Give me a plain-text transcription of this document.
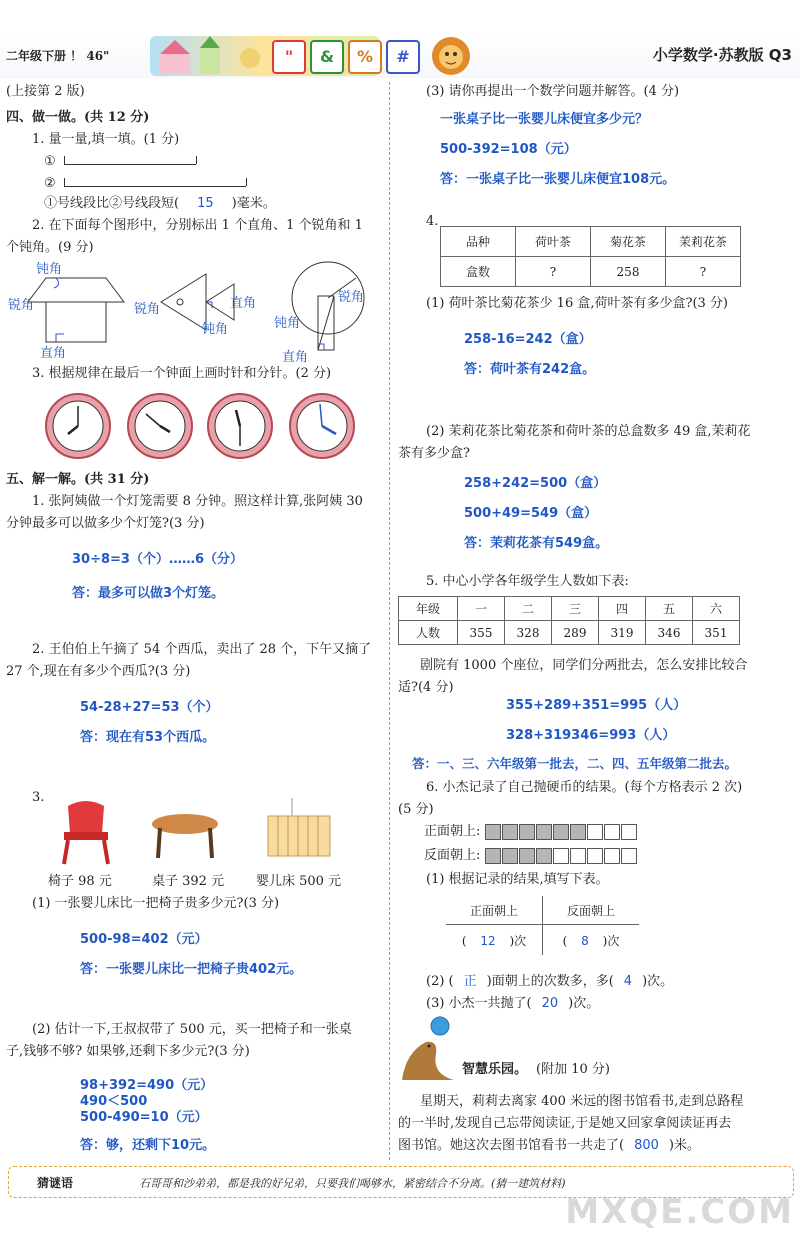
二年级下册 ！ 46"	"	&	%	#	小学数学·苏教版 Q3
(上接第 2 版)
四、做一做。(共 12 分)
1. 量一量,填一填。(1 分)
①
②
①号线段比②号线段短( 15 )毫米。
2. 在下面每个图形中，分别标出 1 个直角、1 个锐角和 1
个钝角。(9 分)
钝角
锐角
直角
锐角	直角
钝角
锐角
钝角
直角
3. 根据规律在最后一个钟面上画时针和分针。(2 分)
五、解一解。(共 31 分)
1. 张阿姨做一个灯笼需要 8 分钟。照这样计算,张阿姨 30
分钟最多可以做多少个灯笼?(3 分)
30÷8=3（个）……6（分）
答：最多可以做3个灯笼。
2. 王伯伯上午摘了 54 个西瓜，卖出了 28 个，下午又摘了
27 个,现在有多少个西瓜?(3 分)
54-28+27=53（个）
答：现在有53个西瓜。
3.
椅子 98 元	桌子 392 元 婴儿床 500 元
(1) 一张婴儿床比一把椅子贵多少元?(3 分)
500-98=402（元）
答：一张婴儿床比一把椅子贵402元。
(2) 估计一下,王叔叔带了 500 元，买一把椅子和一张桌
子,钱够不够? 如果够,还剩下多少元?(3 分)
98+392=490（元）
490＜500
500-490=10（元）
答：够，还剩下10元。
(3) 请你再提出一个数学问题并解答。(4 分)
一张桌子比一张婴儿床便宜多少元？
500-392=108（元）
答：一张桌子比一张婴儿床便宜108元。
4.
品种	荷叶茶	菊花茶	茉莉花茶
盒数	?	258	?
(1) 荷叶茶比菊花茶少 16 盒,荷叶茶有多少盒?(3 分)
258-16=242（盒）
答：荷叶茶有242盒。
(2) 茉莉花茶比菊花茶和荷叶茶的总盒数多 49 盒,茉莉花
茶有多少盒?
258+242=500（盒）
500+49=549（盒）
答：茉莉花茶有549盒。
5. 中心小学各年级学生人数如下表:
年级	一	二	三	四	五	六
人数	355	328	289	319	346	351
剧院有 1000 个座位，同学们分两批去，怎么安排比较合
适?(4 分)
355+289+351=995（人）
328+319346=993（人）
答：一、三、六年级第一批去，二、四、五年级第二批去。
6. 小杰记录了自己抛硬币的结果。(每个方格表示 2 次)
(5 分)
正面朝上:
反面朝上:
(1) 根据记录的结果,填写下表。
正面朝上	反面朝上
( 12 )次	( 8 )次
(2) ( 正 )面朝上的次数多，多( 4 )次。
(3) 小杰一共抛了( 20 )次。
智慧乐园。 (附加 10 分)
星期天，莉莉去离家 400 米远的图书馆看书,走到总路程
的一半时,发现自己忘带阅读证,于是她又回家拿阅读证再去
图书馆。她这次去图书馆看书一共走了( 800 )米。
猜谜语	石哥哥和沙弟弟，都是我的好兄弟，只要我们喝够水，紧密结合不分离。(猜一建筑材料)
MXQE.COM
